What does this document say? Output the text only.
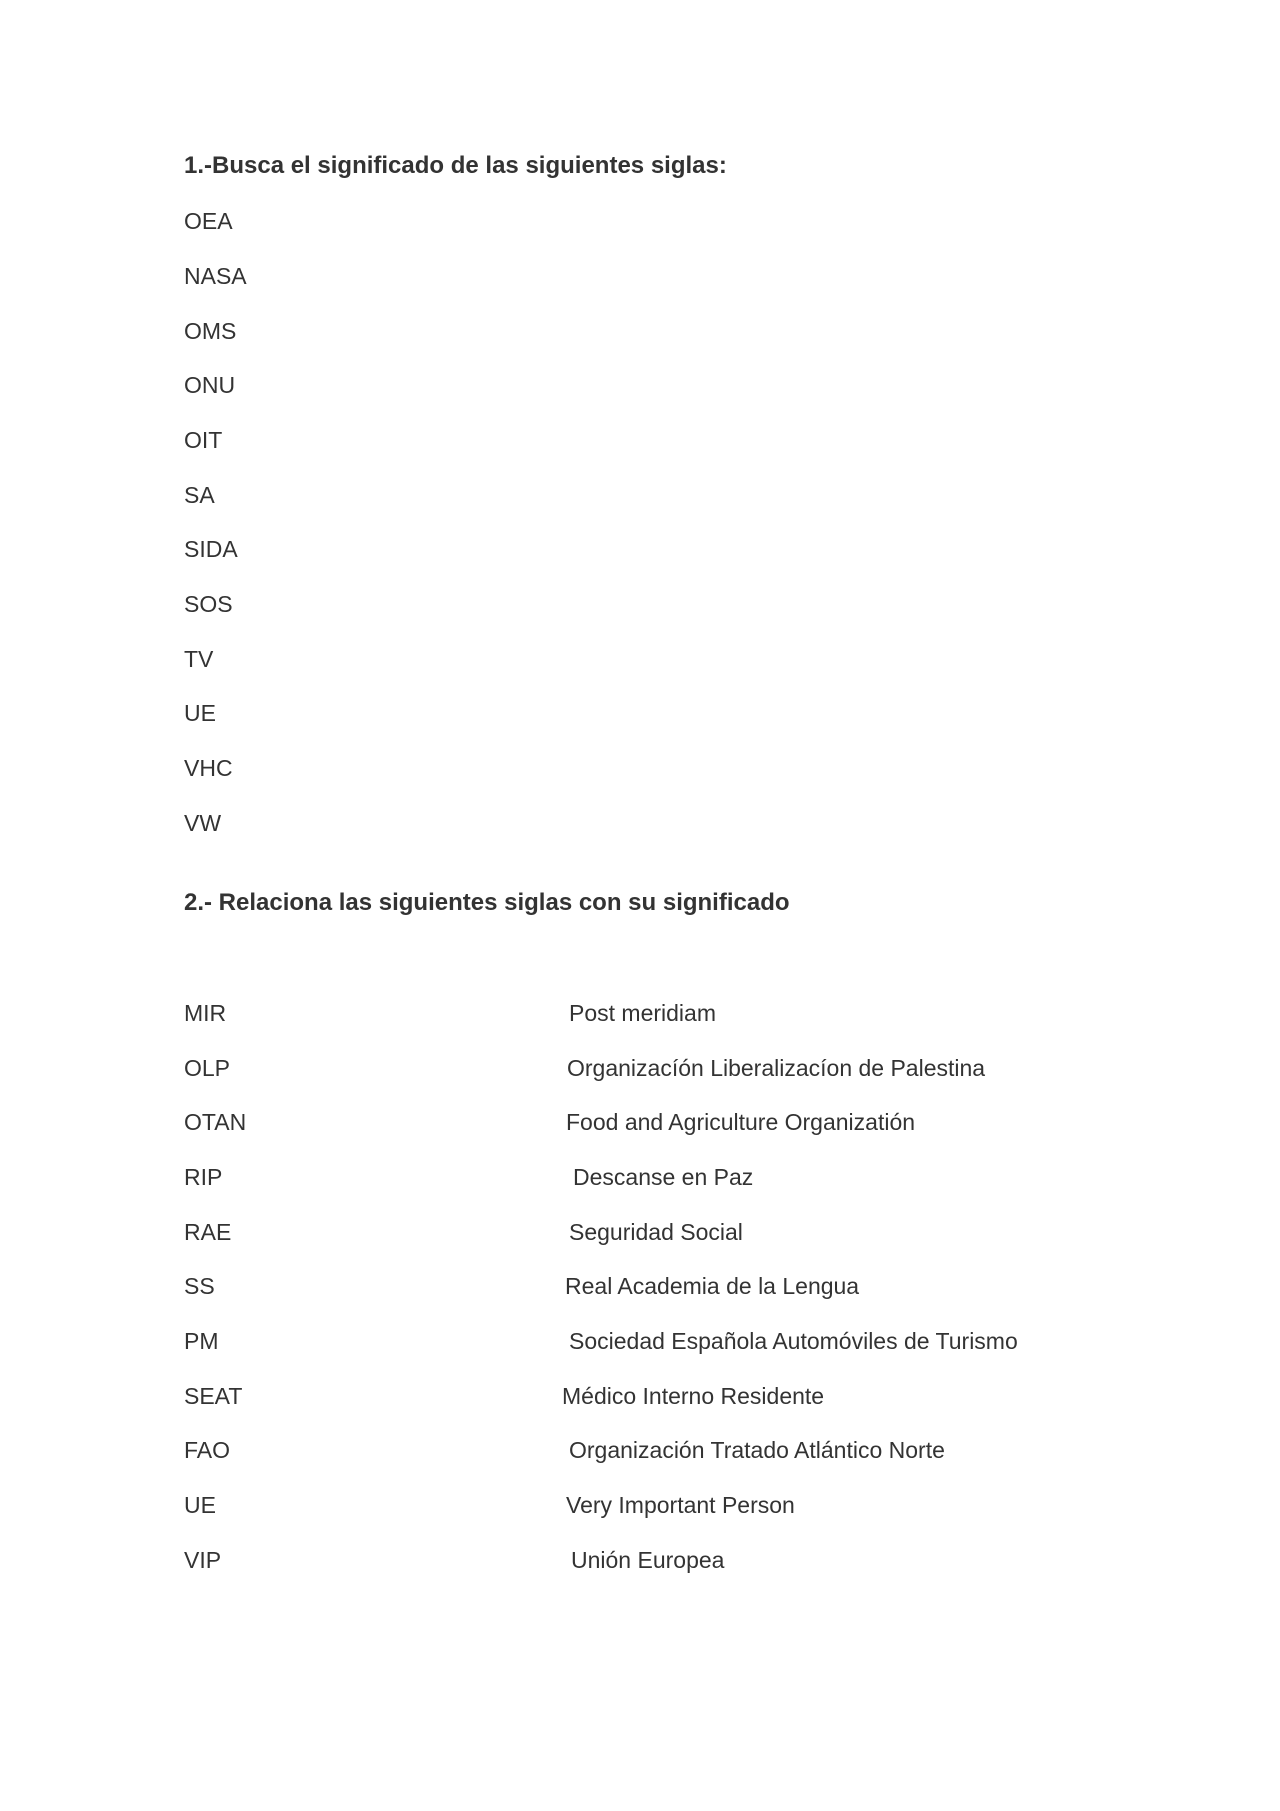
1.-Busca el significado de las siguientes siglas:
OEA
NASA
OMS
ONU
OIT
SA
SIDA
SOS
TV
UE
VHC
VW
2.- Relaciona las siguientes siglas con su significado
MIR	Post meridiam
OLP	Organizacíón Liberalizacíon de Palestina
OTAN	Food and Agriculture Organizatión
RIP	Descanse en Paz
RAE	Seguridad Social
SS	Real Academia de la Lengua
PM	Sociedad Española Automóviles de Turismo
SEAT	Médico Interno Residente
FAO	Organización Tratado Atlántico Norte
UE	Very Important Person
VIP	Unión Europea
